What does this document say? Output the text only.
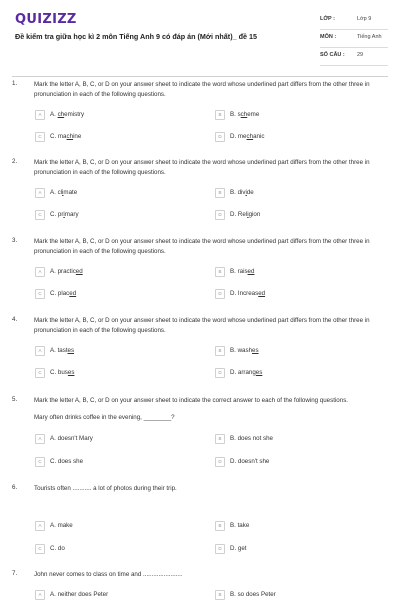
QUIZIZZ
Đề kiểm tra giữa học kì 2 môn Tiếng Anh 9 có đáp án (Mới nhất)_ đề 15
LỚP :	Lớp 9
MÔN :	Tiếng Anh
SỐ CÂU : 29
1.	Mark the letter A, B, C, or D on your answer sheet to indicate the word whose underlined part differs from the other three in pronunciation in each of the following questions.
A	A. chemistry	B	B. scheme
C	C. machine	D	D. mechanic
2.	Mark the letter A, B, C, or D on your answer sheet to indicate the word whose underlined part differs from the other three in pronunciation in each of the following questions.
A	A. climate	B	B. divide
C	C. primary	D	D. Religion
3.	Mark the letter A, B, C, or D on your answer sheet to indicate the word whose underlined part differs from the other three in pronunciation in each of the following questions.
A	A. practiced	B	B. raised
C	C. placed	D	D. Increased
4.	Mark the letter A, B, C, or D on your answer sheet to indicate the word whose underlined part differs from the other three in pronunciation in each of the following questions.
A	A. tastes	B	B. washes
C	C. buses	D	D. arranges
5.	Mark the letter A, B, C, or D on your answer sheet to indicate the correct answer to each of the following questions.
Mary often drinks coffee in the evening, ________?
A	A. doesn't Mary	B	B. does not she
C	C. does she	D	D. doesn't she
6.	Tourists often ........... a lot of photos during their trip.
A	A. make	B	B. take
C	C. do	D	D. get
7.	John never comes to class on time and .......................
A	A. neither does Peter	B	B. so does Peter
